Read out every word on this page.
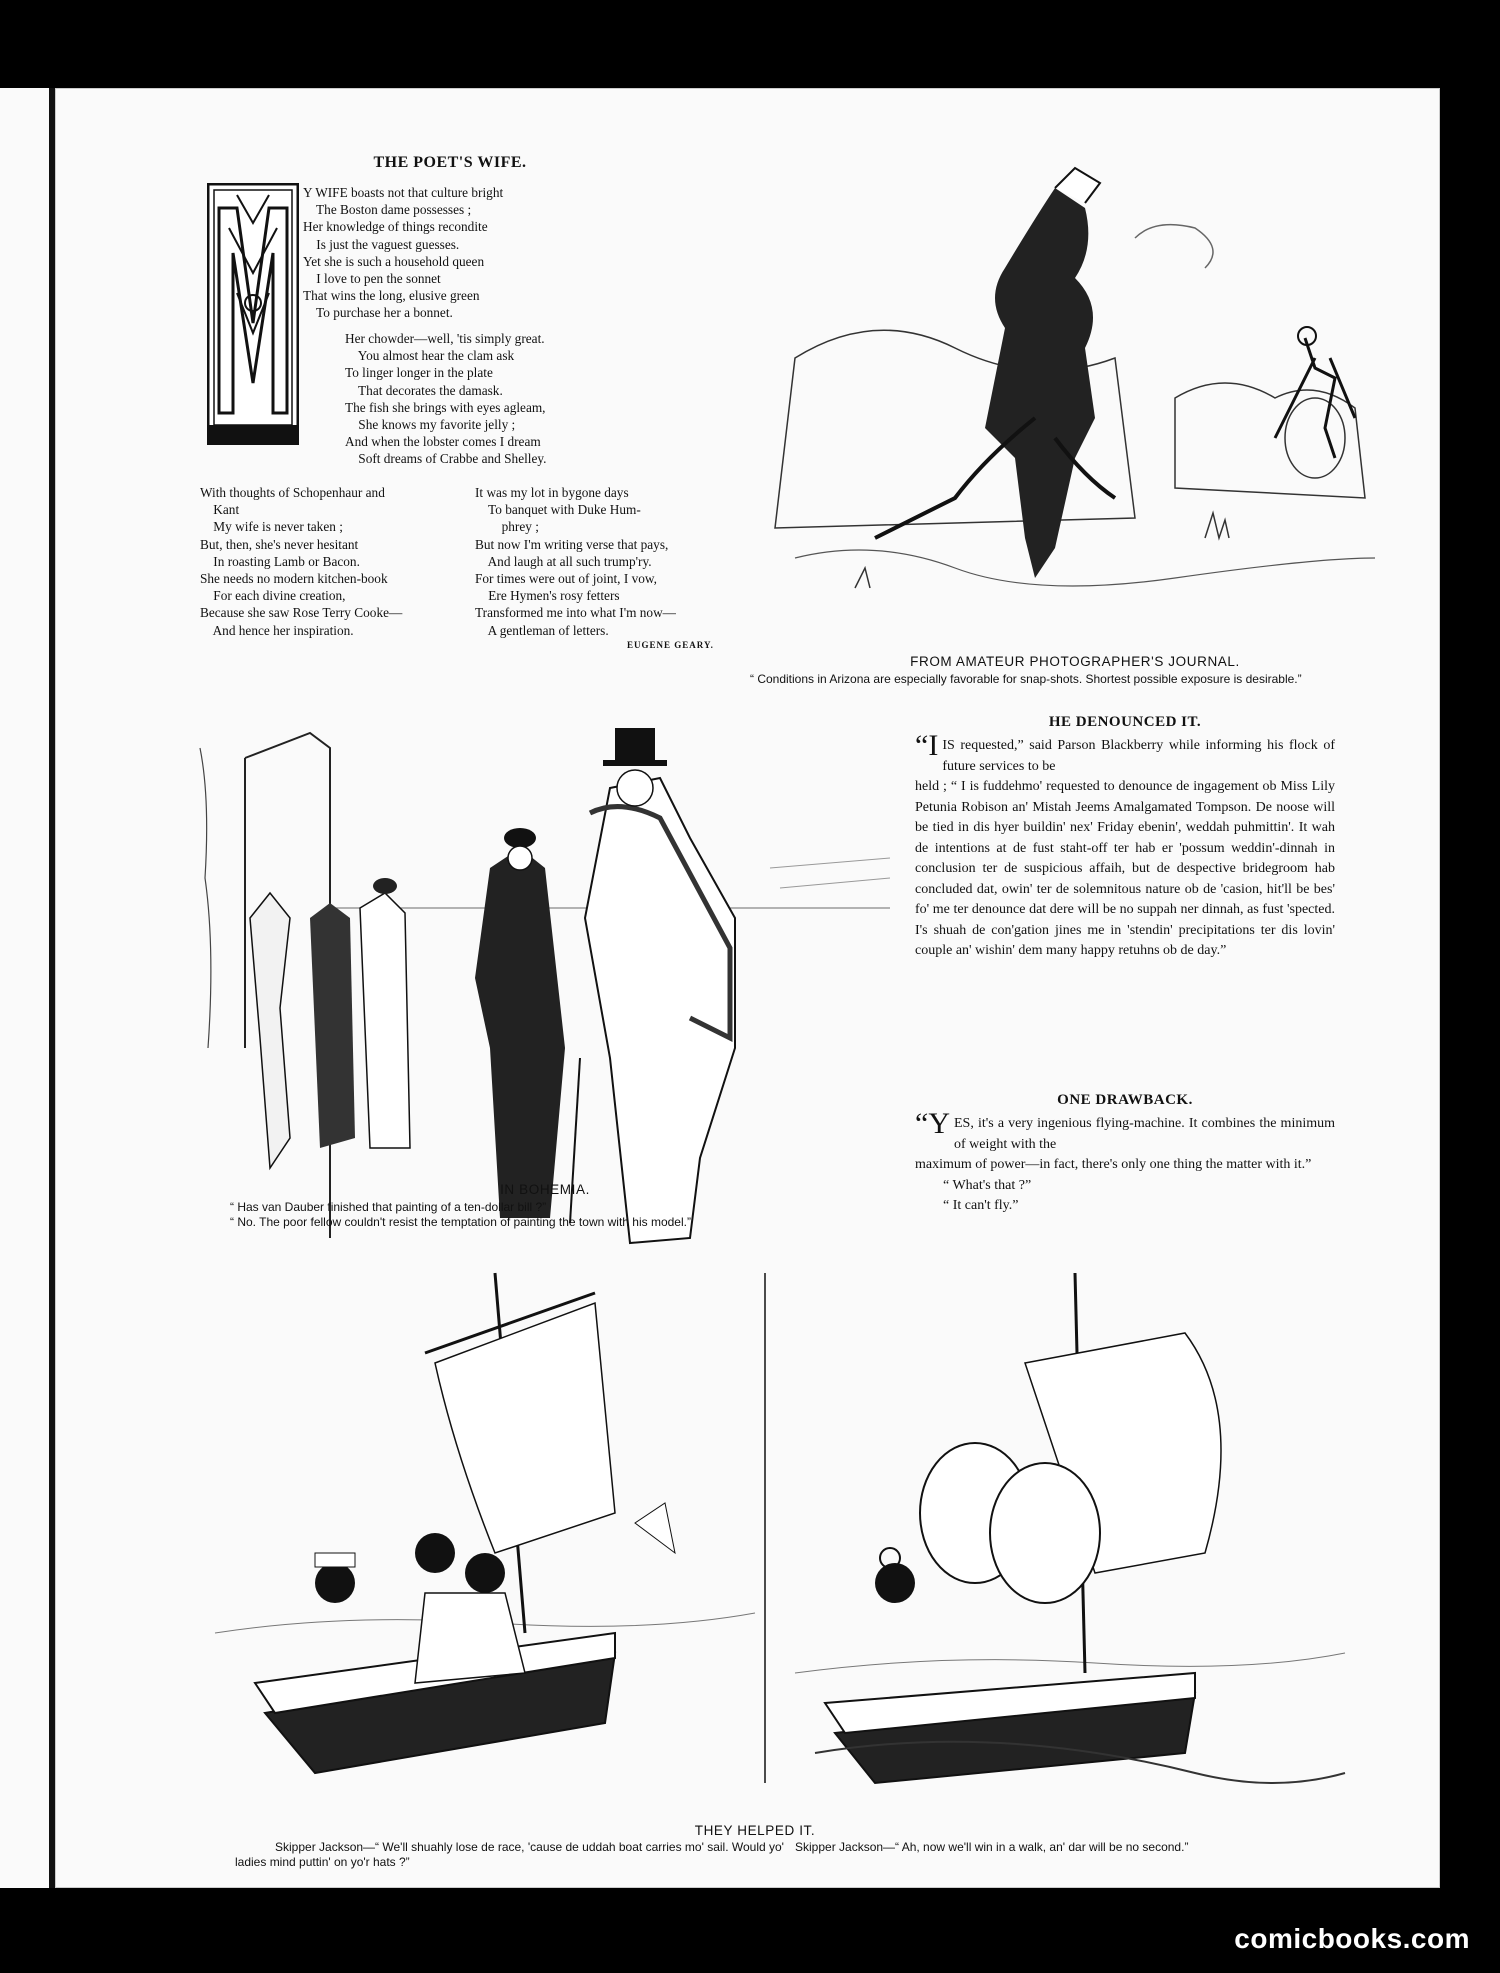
THE POET'S WIFE.
Y WIFE boasts not that culture bright
The Boston dame possesses ;
Her knowledge of things recondite
Is just the vaguest guesses.
Yet she is such a household queen
I love to pen the sonnet
That wins the long, elusive green
To purchase her a bonnet.
Her chowder—well, 'tis simply great.
You almost hear the clam ask
To linger longer in the plate
That decorates the damask.
The fish she brings with eyes agleam,
She knows my favorite jelly ;
And when the lobster comes I dream
Soft dreams of Crabbe and Shelley.
With thoughts of Schopenhaur and
Kant
My wife is never taken ;
But, then, she's never hesitant
In roasting Lamb or Bacon.
She needs no modern kitchen-book
For each divine creation,
Because she saw Rose Terry Cooke—
And hence her inspiration.
It was my lot in bygone days
To banquet with Duke Hum-
phrey ;
But now I'm writing verse that pays,
And laugh at all such trump'ry.
For times were out of joint, I vow,
Ere Hymen's rosy fetters
Transformed me into what I'm now—
A gentleman of letters.
EUGENE GEARY.
FROM AMATEUR PHOTOGRAPHER'S JOURNAL.
“ Conditions in Arizona are especially favorable for snap-shots. Shortest possible exposure is desirable.”
IN BOHEMIA.
“ Has van Dauber finished that painting of a ten-dollar bill ?”
“ No. The poor fellow couldn't resist the temptation of painting the town with his model.”
HE DENOUNCED IT.
“I IS requested,” said Parson Blackberry while informing his flock of future services to be
held ; “ I is fuddehmo' requested to denounce de ingagement ob Miss Lily Petunia Robison an' Mistah Jeems Amalgamated Tompson. De noose will be tied in dis hyer buildin' nex' Friday ebenin', weddah puhmittin'. It wah de intentions at de fust staht-off ter hab er 'possum weddin'-dinnah in conclusion ter de suspicious affaih, but de despective bridegroom hab concluded dat, owin' ter de solemnitous nature ob de 'casion, hit'll be bes' fo' me ter denounce dat dere will be no suppah ner dinnah, as fust 'spected. I's shuah de con'gation jines me in 'stendin' precipitations ter dis lovin' couple an' wishin' dem many happy retuhns ob de day.”
ONE DRAWBACK.
“Y ES, it's a very ingenious flying-machine. It combines the minimum of weight with the
maximum of power—in fact, there's only one thing the matter with it.”
“ What's that ?”
“ It can't fly.”
THEY HELPED IT.
Skipper Jackson—“ We'll shuahly lose de race, 'cause de uddah boat carries mo' sail. Would yo' ladies mind puttin' on yo'r hats ?”
Skipper Jackson—“ Ah, now we'll win in a walk, an' dar will be no second.”
comicbooks.com
